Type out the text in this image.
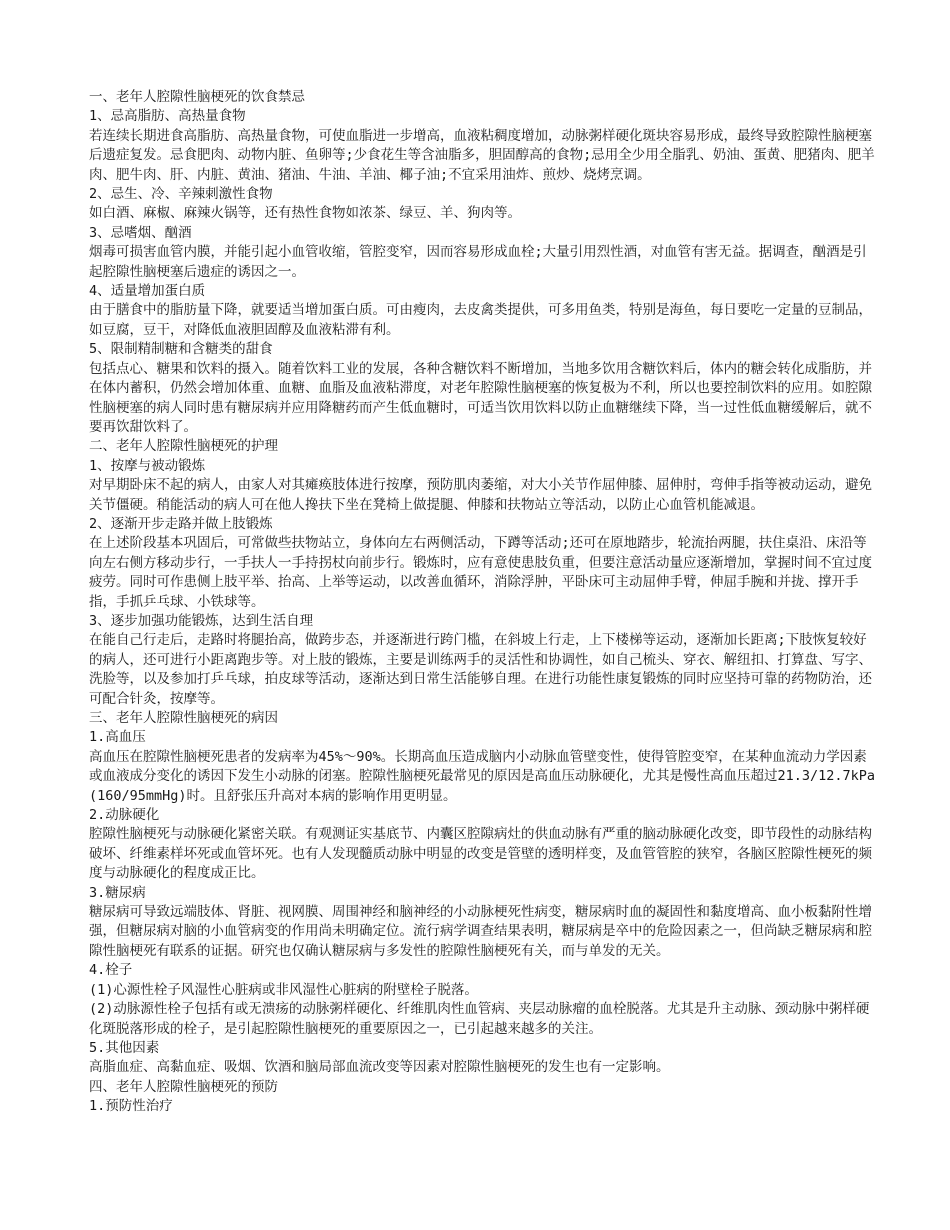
一、老年人腔隙性脑梗死的饮食禁忌

1、忌高脂肪、高热量食物

若连续长期进食高脂肪、高热量食物，可使血脂进一步增高，血液粘稠度增加，动脉粥样硬化斑块容易形成，最终导致腔隙性脑梗塞后遗症复发。忌食肥肉、动物内脏、鱼卵等;少食花生等含油脂多，胆固醇高的食物;忌用全少用全脂乳、奶油、蛋黄、肥猪肉、肥羊肉、肥牛肉、肝、内脏、黄油、猪油、牛油、羊油、椰子油;不宜采用油炸、煎炒、烧烤烹调。

2、忌生、冷、辛辣刺激性食物

如白酒、麻椒、麻辣火锅等，还有热性食物如浓茶、绿豆、羊、狗肉等。

3、忌嗜烟、酗酒

烟毒可损害血管内膜，并能引起小血管收缩，管腔变窄，因而容易形成血栓;大量引用烈性酒，对血管有害无益。据调查，酗酒是引起腔隙性脑梗塞后遗症的诱因之一。

4、适量增加蛋白质

由于膳食中的脂肪量下降，就要适当增加蛋白质。可由瘦肉，去皮禽类提供，可多用鱼类，特别是海鱼，每日要吃一定量的豆制品，如豆腐，豆干，对降低血液胆固醇及血液粘滞有利。

5、限制精制糖和含糖类的甜食

包括点心、糖果和饮料的摄入。随着饮料工业的发展，各种含糖饮料不断增加，当地多饮用含糖饮料后，体内的糖会转化成脂肪，并在体内蓄积，仍然会增加体重、血糖、血脂及血液粘滞度，对老年腔隙性脑梗塞的恢复极为不利，所以也要控制饮料的应用。如腔隙性脑梗塞的病人同时患有糖尿病并应用降糖药而产生低血糖时，可适当饮用饮料以防止血糖继续下降，当一过性低血糖缓解后，就不要再饮甜饮料了。

二、老年人腔隙性脑梗死的护理

1、按摩与被动锻炼

对早期卧床不起的病人，由家人对其瘫痪肢体进行按摩，预防肌肉萎缩，对大小关节作屈伸膝、屈伸肘，弯伸手指等被动运动，避免关节僵硬。稍能活动的病人可在他人搀扶下坐在凳椅上做提腿、伸膝和扶物站立等活动，以防止心血管机能减退。

2、逐渐开步走路并做上肢锻炼

在上述阶段基本巩固后，可常做些扶物站立，身体向左右两侧活动，下蹲等活动;还可在原地踏步，轮流抬两腿，扶住桌沿、床沿等向左右侧方移动步行，一手扶人一手持拐杖向前步行。锻炼时，应有意使患肢负重，但要注意活动量应逐渐增加，掌握时间不宜过度疲劳。同时可作患侧上肢平举、抬高、上举等运动，以改善血循环，消除浮肿，平卧床可主动屈伸手臂，伸屈手腕和并拢、撑开手指，手抓乒乓球、小铁球等。

3、逐步加强功能锻炼，达到生活自理

在能自己行走后，走路时将腿抬高，做跨步态，并逐渐进行跨门槛，在斜坡上行走，上下楼梯等运动，逐渐加长距离;下肢恢复较好的病人，还可进行小距离跑步等。对上肢的锻炼，主要是训练两手的灵活性和协调性，如自己梳头、穿衣、解纽扣、打算盘、写字、洗脸等，以及参加打乒乓球，拍皮球等活动，逐渐达到日常生活能够自理。在进行功能性康复锻炼的同时应坚持可靠的药物防治，还可配合针灸，按摩等。

三、老年人腔隙性脑梗死的病因

1.高血压

高血压在腔隙性脑梗死患者的发病率为45%～90%。长期高血压造成脑内小动脉血管壁变性，使得管腔变窄，在某种血流动力学因素或血液成分变化的诱因下发生小动脉的闭塞。腔隙性脑梗死最常见的原因是高血压动脉硬化，尤其是慢性高血压超过21.3/12.7kPa(160/95mmHg)时。且舒张压升高对本病的影响作用更明显。

2.动脉硬化

腔隙性脑梗死与动脉硬化紧密关联。有观测证实基底节、内囊区腔隙病灶的供血动脉有严重的脑动脉硬化改变，即节段性的动脉结构破坏、纤维素样坏死或血管坏死。也有人发现髓质动脉中明显的改变是管壁的透明样变，及血管管腔的狭窄，各脑区腔隙性梗死的频度与动脉硬化的程度成正比。

3.糖尿病

糖尿病可导致远端肢体、肾脏、视网膜、周围神经和脑神经的小动脉梗死性病变，糖尿病时血的凝固性和黏度增高、血小板黏附性增强，但糖尿病对脑的小血管病变的作用尚未明确定位。流行病学调查结果表明，糖尿病是卒中的危险因素之一，但尚缺乏糖尿病和腔隙性脑梗死有联系的证据。研究也仅确认糖尿病与多发性的腔隙性脑梗死有关，而与单发的无关。

4.栓子

(1)心源性栓子风湿性心脏病或非风湿性心脏病的附壁栓子脱落。

(2)动脉源性栓子包括有或无溃疡的动脉粥样硬化、纤维肌肉性血管病、夹层动脉瘤的血栓脱落。尤其是升主动脉、颈动脉中粥样硬化斑脱落形成的栓子，是引起腔隙性脑梗死的重要原因之一，已引起越来越多的关注。

5.其他因素

高脂血症、高黏血症、吸烟、饮酒和脑局部血流改变等因素对腔隙性脑梗死的发生也有一定影响。

四、老年人腔隙性脑梗死的预防

1.预防性治疗
